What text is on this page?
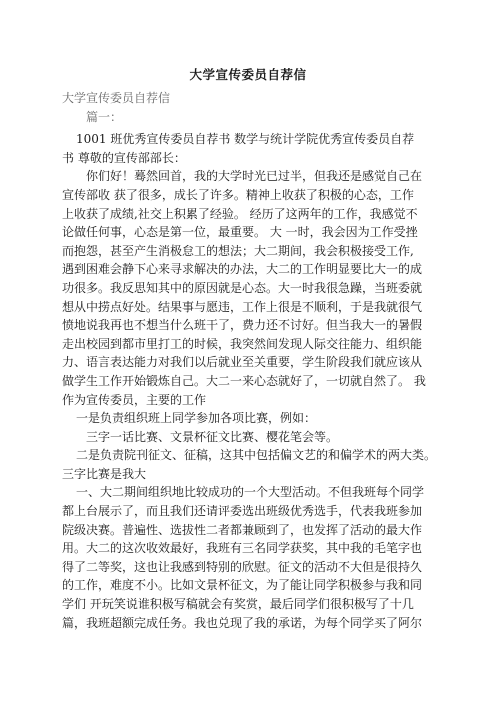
大学宣传委员自荐信
大学宣传委员自荐信
篇一：
1001 班优秀宣传委员自荐书 数学与统计学院优秀宣传委员自荐
书 尊敬的宣传部部长：
你们好！蓦然回首，我的大学时光已过半，但我还是感觉自己在
宣传部收 获了很多，成长了许多。精神上收获了积极的心态，工作
上收获了成绩,社交上积累了经验。 经历了这两年的工作，我感觉不
论做任何事，心态是第一位，最重要。 大 一时，我会因为工作受挫
而抱怨，甚至产生消极怠工的想法；大二期间，我会积极接受工作,
遇到困难会静下心来寻求解决的办法，大二的工作明显要比大一的成
功很多。我反思知其中的原因就是心态。大一时我很急躁，当班委就
想从中捞点好处。结果事与愿违，工作上很是不顺利，于是我就很气
愤地说我再也不想当什么班干了，费力还不讨好。但当我大一的暑假
走出校园到都市里打工的时候，我突然间发现人际交往能力、组织能
力、语言表达能力对我们以后就业至关重要，学生阶段我们就应该从
做学生工作开始锻炼自己。大二一来心态就好了，一切就自然了。 我
作为宣传委员，主要的工作
一是负责组织班上同学参加各项比赛，例如：
三字一话比赛、文景杯征文比赛、樱花笔会等。
二是负责院刊征文、征稿，这其中包括偏文艺的和偏学术的两大类。
三字比赛是我大
一、大二期间组织地比较成功的一个大型活动。不但我班每个同学
都上台展示了，而且我们还请评委选出班级优秀选手，代表我班参加
院级决赛。普遍性、选拔性二者都兼顾到了，也发挥了活动的最大作
用。大二的这次收效最好，我班有三名同学获奖，其中我的毛笔字也
得了二等奖，这也让我感到特别的欣慰。征文的活动不大但是很持久
的工作，难度不小。比如文景杯征文，为了能让同学积极参与我和同
学们 开玩笑说谁积极写稿就会有奖赏，最后同学们很积极写了十几
篇，我班超额完成任务。我也兑现了我的承诺，为每个同学买了阿尔
